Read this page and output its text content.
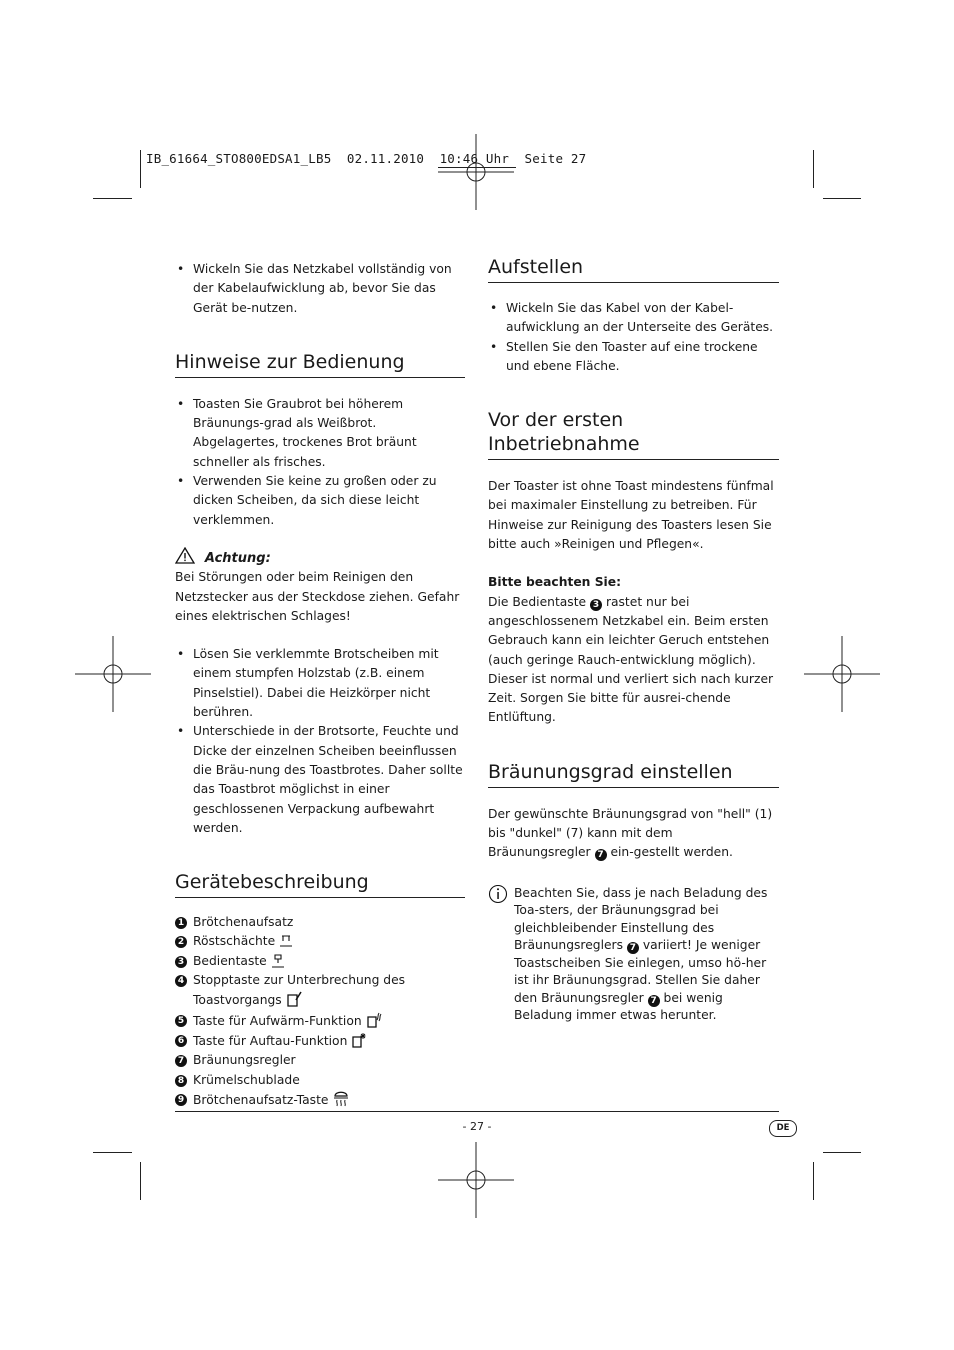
IB_61664_STO800EDSA1_LB5  02.11.2010  10:46 Uhr  Seite 27
• Wickeln Sie das Netzkabel vollständig von der Kabelaufwicklung ab, bevor Sie das Gerät be-nutzen.
Hinweise zur Bedienung
• Toasten Sie Graubrot bei höherem Bräunungs-grad als Weißbrot. Abgelagertes, trockenes Brot bräunt schneller als frisches.
• Verwenden Sie keine zu großen oder zu dicken Scheiben, da sich diese leicht verklemmen.
Achtung:

Bei Störungen oder beim Reinigen den Netzstecker aus der Steckdose ziehen. Gefahr eines elektrischen Schlages!

• Lösen Sie verklemmte Brotscheiben mit einem stumpfen Holzstab (z.B. einem Pinselstiel). Dabei die Heizkörper nicht berühren.
• Unterschiede in der Brotsorte, Feuchte und Dicke der einzelnen Scheiben beeinflussen die Bräu-nung des Toastbrotes. Daher sollte das Toastbrot möglichst in einer geschlossenen Verpackung aufbewahrt werden.
Gerätebeschreibung
1 Brötchenaufsatz
2 Röstschächte
3 Bedientaste
4 Stopptaste zur Unterbrechung des Toastvorgangs
5 Taste für Aufwärm-Funktion
6 Taste für Auftau-Funktion
7 Bräunungsregler
8 Krümelschublade
9 Brötchenaufsatz-Taste
Aufstellen
• Wickeln Sie das Kabel von der Kabel-aufwicklung an der Unterseite des Gerätes.
• Stellen Sie den Toaster auf eine trockene und ebene Fläche.
Vor der ersten Inbetriebnahme

Der Toaster ist ohne Toast mindestens fünfmal bei maximaler Einstellung zu betreiben. Für Hinweise zur Reinigung des Toasters lesen Sie bitte auch »Reinigen und Pflegen«.

Bitte beachten Sie:

Die Bedientaste 3 rastet nur bei angeschlossenem Netzkabel ein. Beim ersten Gebrauch kann ein leichter Geruch entstehen (auch geringe Rauch-entwicklung möglich). Dieser ist normal und verliert sich nach kurzer Zeit. Sorgen Sie bitte für ausrei-chende Entlüftung.

Bräunungsgrad einstellen

Der gewünschte Bräunungsgrad von "hell" (1) bis "dunkel" (7) kann mit dem Bräunungsregler 7 ein-gestellt werden.

Beachten Sie, dass je nach Beladung des Toa-sters, der Bräunungsgrad bei gleichbleibender Einstellung des Bräunungsreglers 7 variiert! Je weniger Toastscheiben Sie einlegen, umso hö-her ist ihr Bräunungsgrad. Stellen Sie daher den Bräunungsregler 7 bei wenig Beladung immer etwas herunter.
- 27 -	DE
